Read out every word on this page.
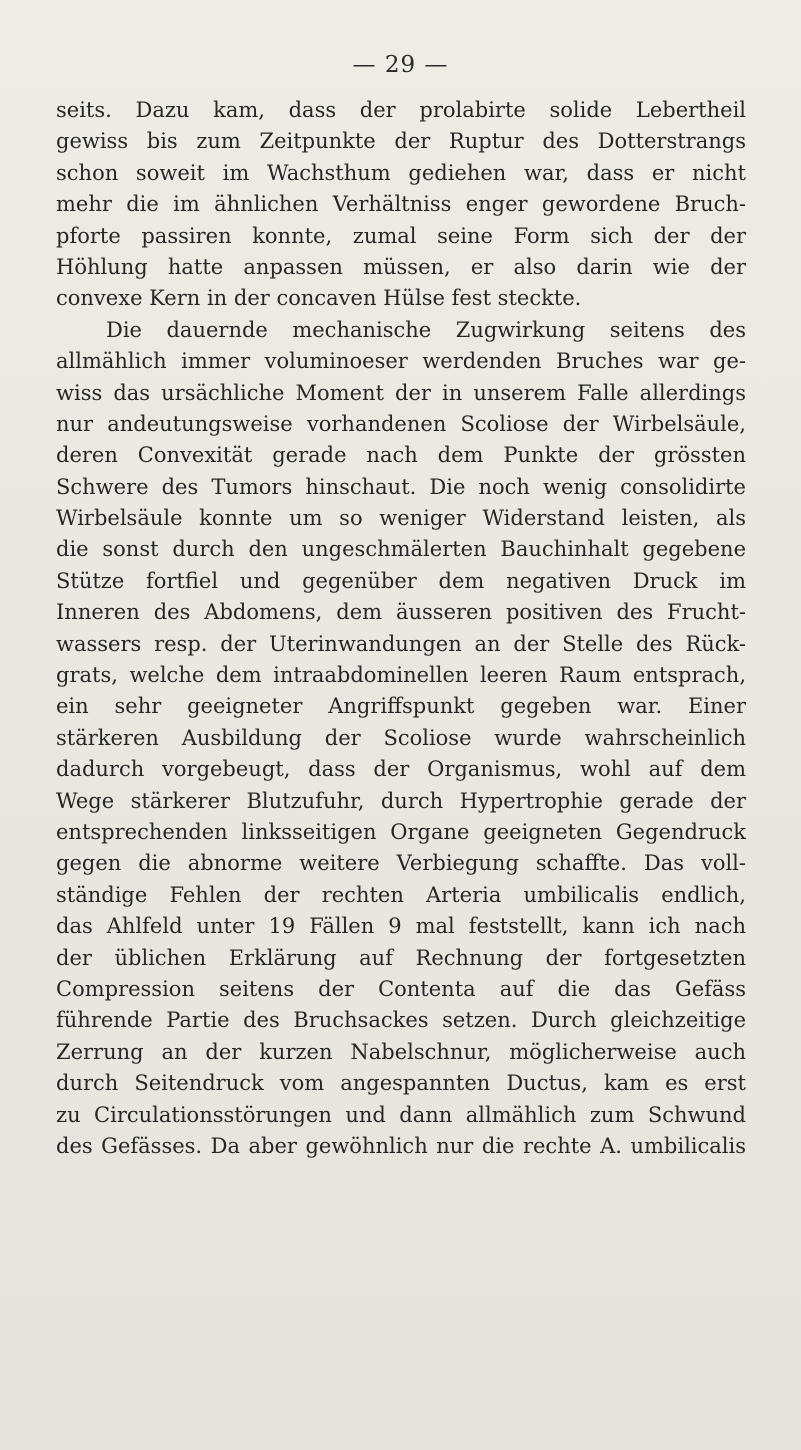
— 29 —
seits. Dazu kam, dass der prolabirte solide Lebertheil
gewiss bis zum Zeitpunkte der Ruptur des Dotterstrangs
schon soweit im Wachsthum gediehen war, dass er nicht
mehr die im ähnlichen Verhältniss enger gewordene Bruch-
pforte passiren konnte, zumal seine Form sich der der
Höhlung hatte anpassen müssen, er also darin wie der
convexe Kern in der concaven Hülse fest steckte.
Die dauernde mechanische Zugwirkung seitens des
allmählich immer voluminoeser werdenden Bruches war ge-
wiss das ursächliche Moment der in unserem Falle allerdings
nur andeutungsweise vorhandenen Scoliose der Wirbelsäule,
deren Convexität gerade nach dem Punkte der grössten
Schwere des Tumors hinschaut. Die noch wenig consolidirte
Wirbelsäule konnte um so weniger Widerstand leisten, als
die sonst durch den ungeschmälerten Bauchinhalt gegebene
Stütze fortfiel und gegenüber dem negativen Druck im
Inneren des Abdomens, dem äusseren positiven des Frucht-
wassers resp. der Uterinwandungen an der Stelle des Rück-
grats, welche dem intraabdominellen leeren Raum entsprach,
ein sehr geeigneter Angriffspunkt gegeben war. Einer
stärkeren Ausbildung der Scoliose wurde wahrscheinlich
dadurch vorgebeugt, dass der Organismus, wohl auf dem
Wege stärkerer Blutzufuhr, durch Hypertrophie gerade der
entsprechenden linksseitigen Organe geeigneten Gegendruck
gegen die abnorme weitere Verbiegung schaffte. Das voll-
ständige Fehlen der rechten Arteria umbilicalis endlich,
das Ahlfeld unter 19 Fällen 9 mal feststellt, kann ich nach
der üblichen Erklärung auf Rechnung der fortgesetzten
Compression seitens der Contenta auf die das Gefäss
führende Partie des Bruchsackes setzen. Durch gleichzeitige
Zerrung an der kurzen Nabelschnur, möglicherweise auch
durch Seitendruck vom angespannten Ductus, kam es erst
zu Circulationsstörungen und dann allmählich zum Schwund
des Gefässes. Da aber gewöhnlich nur die rechte A. umbilicalis
